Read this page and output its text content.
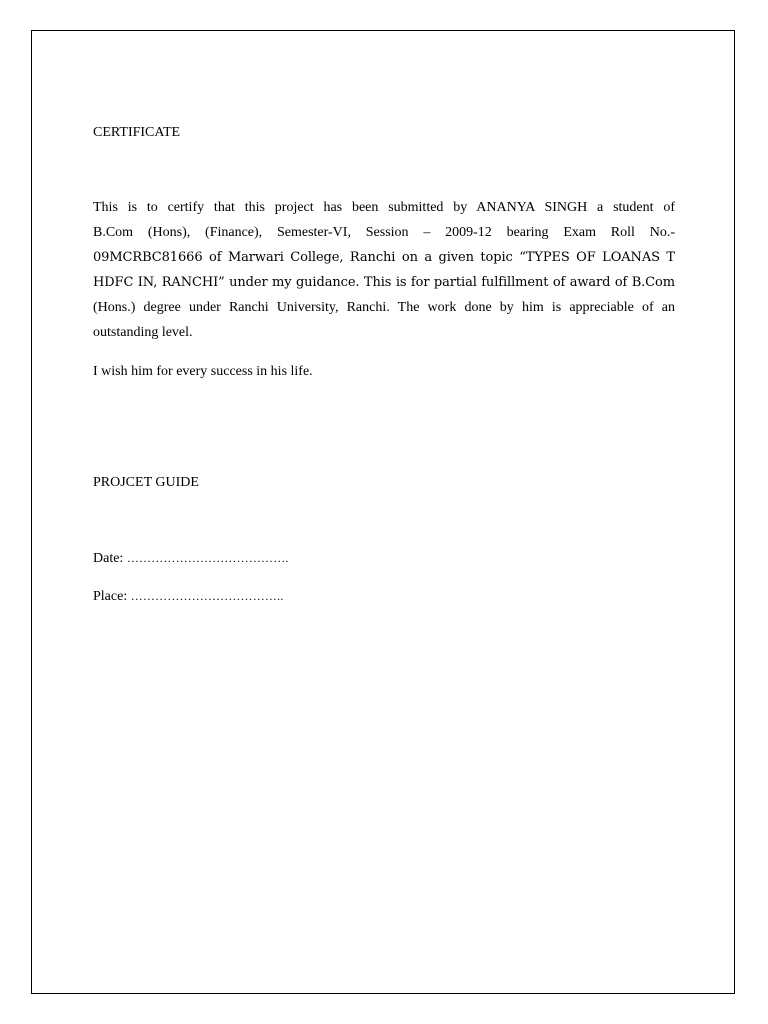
CERTIFICATE
This is to certify that this project has been submitted by ANANYA SINGH a student of
B.Com (Hons), (Finance), Semester-VI, Session – 2009-12 bearing Exam Roll No.-
09MCRBC81666 of Marwari College, Ranchi on a given topic “TYPES OF LOANAS T
HDFC IN, RANCHI” under my guidance. This is for partial fulfillment of award of B.Com
(Hons.) degree under Ranchi University, Ranchi. The work done by him is appreciable of an
outstanding level.
I wish him for every success in his life.
PROJCET GUIDE
Date: ………………………………….
Place: ………………………………..
